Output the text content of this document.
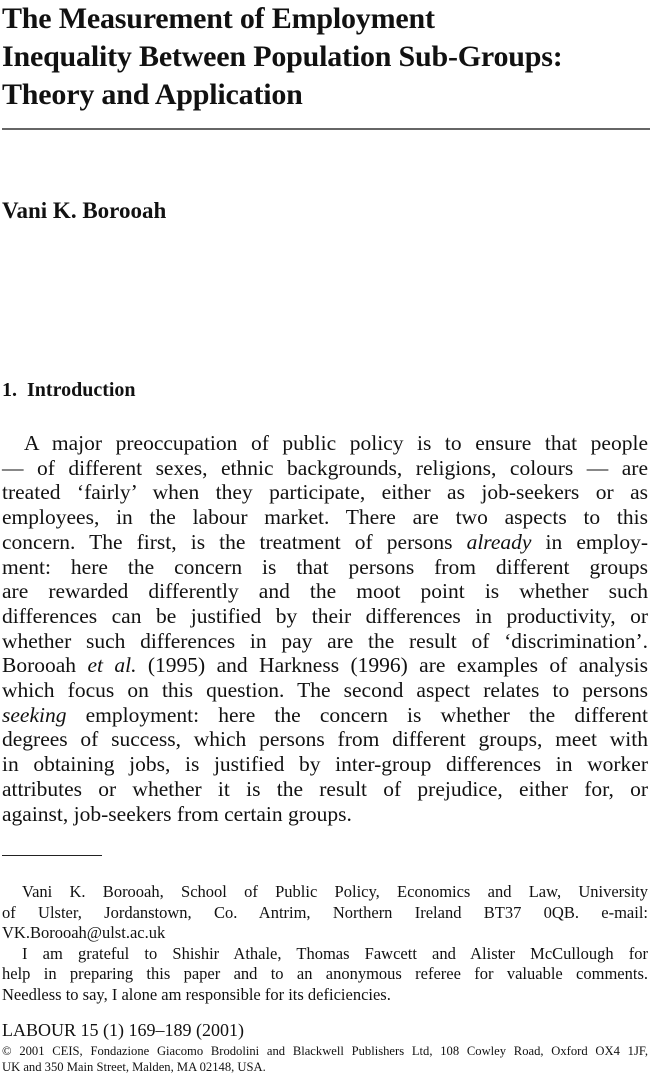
The Measurement of Employment
Inequality Between Population Sub-Groups:
Theory and Application
Vani K. Borooah
1. Introduction
A major preoccupation of public policy is to ensure that people
— of different sexes, ethnic backgrounds, religions, colours — are
treated ‘fairly’ when they participate, either as job-seekers or as
employees, in the labour market. There are two aspects to this
concern. The first, is the treatment of persons already in employ-
ment: here the concern is that persons from different groups
are rewarded differently and the moot point is whether such
differences can be justified by their differences in productivity, or
whether such differences in pay are the result of ‘discrimination’.
Borooah et al. (1995) and Harkness (1996) are examples of analysis
which focus on this question. The second aspect relates to persons
seeking employment: here the concern is whether the different
degrees of success, which persons from different groups, meet with
in obtaining jobs, is justified by inter-group differences in worker
attributes or whether it is the result of prejudice, either for, or
against, job-seekers from certain groups.
Vani K. Borooah, School of Public Policy, Economics and Law, University
of Ulster, Jordanstown, Co. Antrim, Northern Ireland BT37 0QB. e-mail:
VK.Borooah@ulst.ac.uk
I am grateful to Shishir Athale, Thomas Fawcett and Alister McCullough for
help in preparing this paper and to an anonymous referee for valuable comments.
Needless to say, I alone am responsible for its deficiencies.
LABOUR 15 (1) 169–189 (2001)
© 2001 CEIS, Fondazione Giacomo Brodolini and Blackwell Publishers Ltd, 108 Cowley Road, Oxford OX4 1JF,
UK and 350 Main Street, Malden, MA 02148, USA.
